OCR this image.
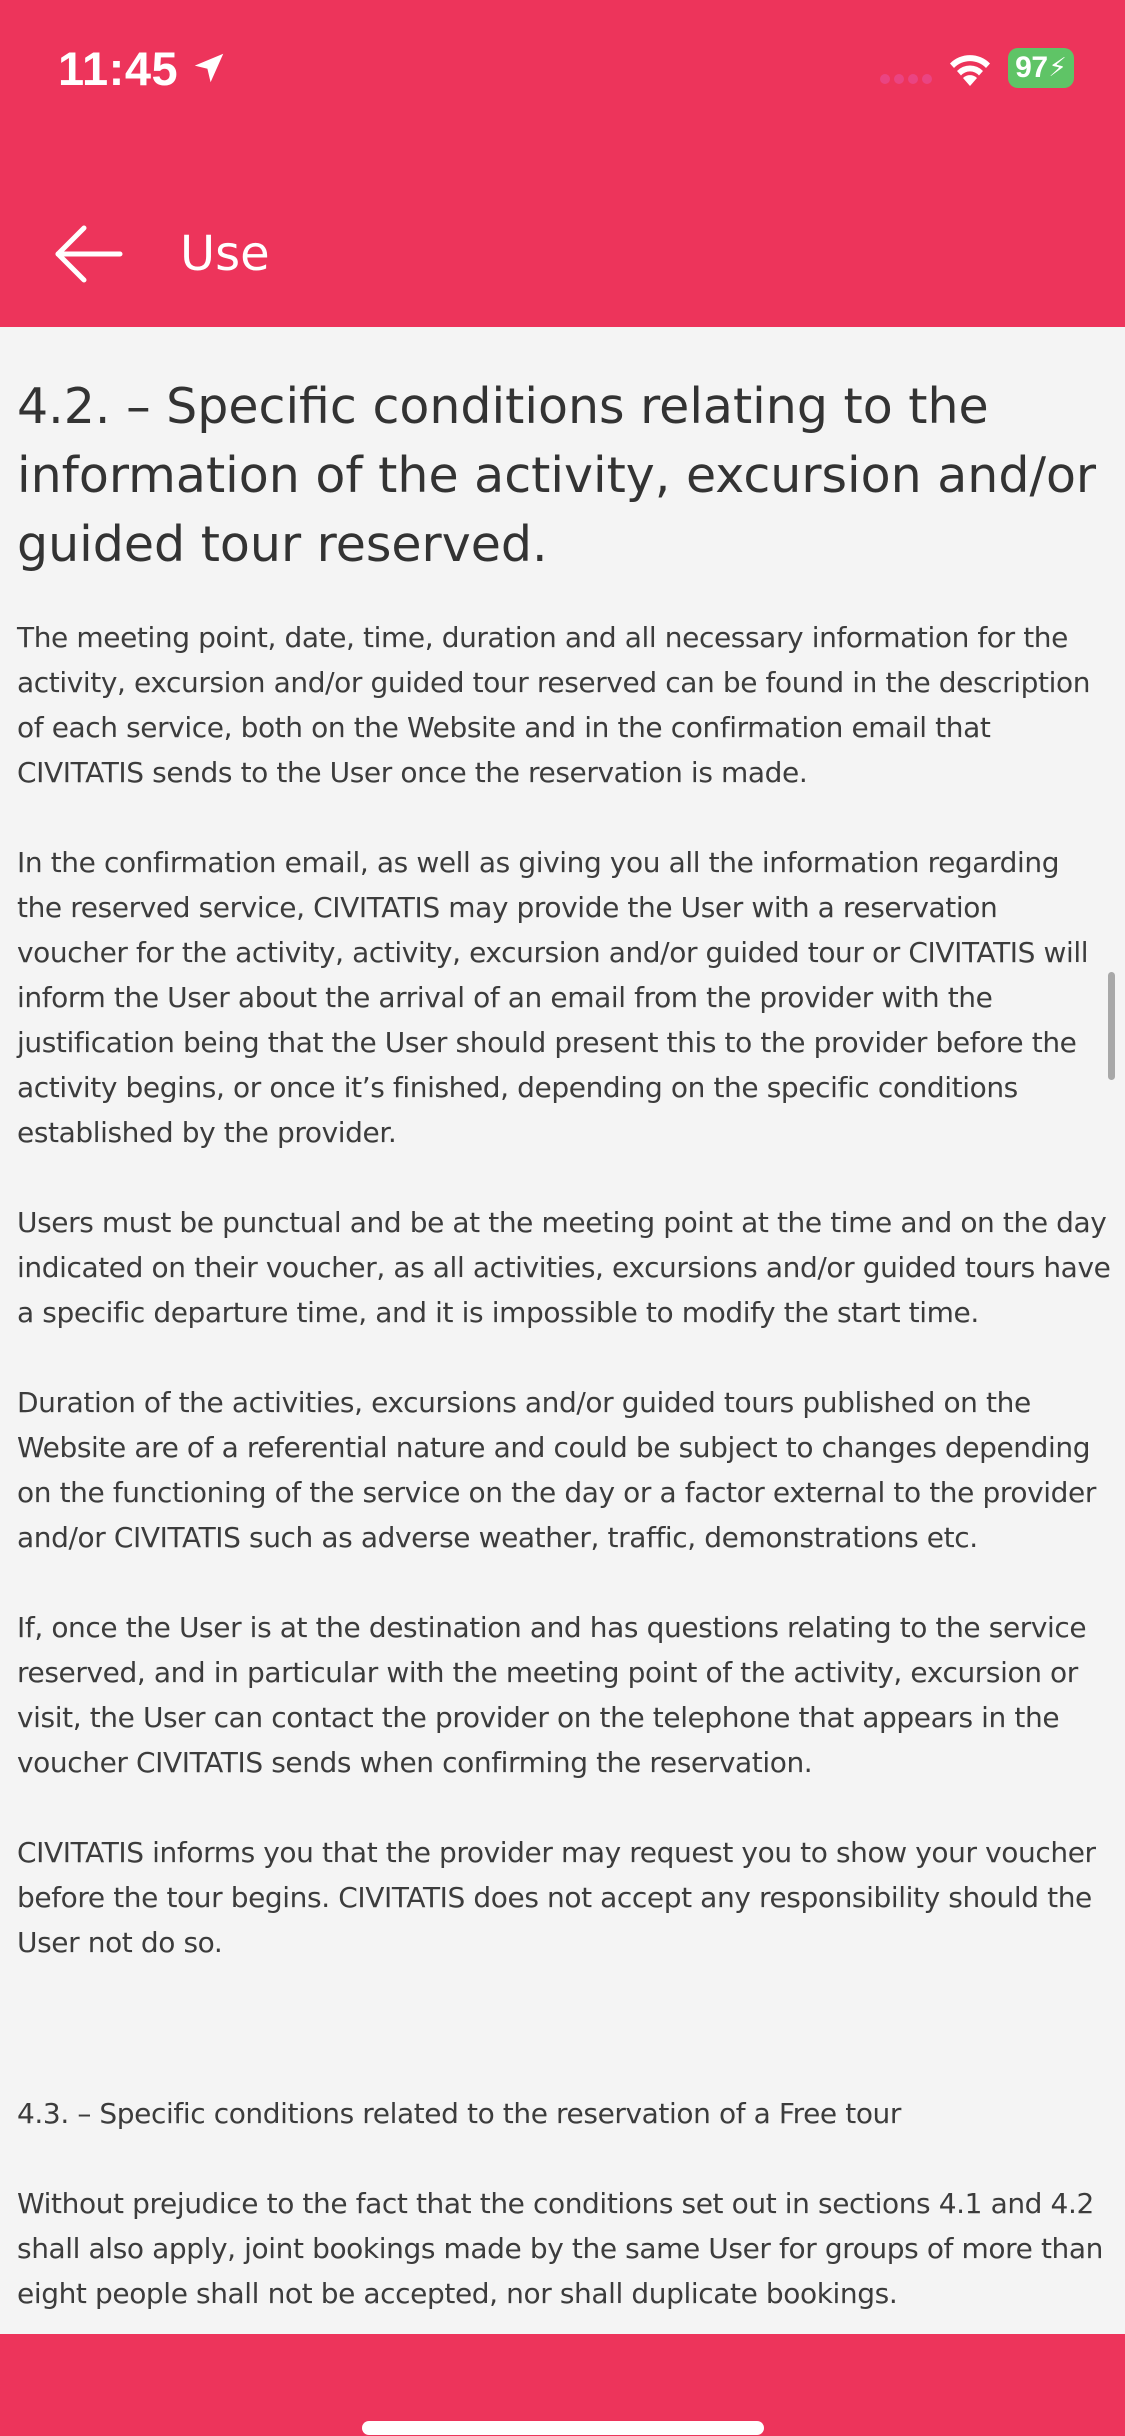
11:45	97 ⚡
Use
4.2. – Specific conditions relating to the information of the activity, excursion and/or guided tour reserved.

The meeting point, date, time, duration and all necessary information for the activity, excursion and/or guided tour reserved can be found in the description of each service, both on the Website and in the confirmation email that CIVITATIS sends to the User once the reservation is made.

In the confirmation email, as well as giving you all the information regarding the reserved service, CIVITATIS may provide the User with a reservation voucher for the activity, activity, excursion and/or guided tour or CIVITATIS will inform the User about the arrival of an email from the provider with the justification being that the User should present this to the provider before the activity begins, or once it’s finished, depending on the specific conditions established by the provider.

Users must be punctual and be at the meeting point at the time and on the day indicated on their voucher, as all activities, excursions and/or guided tours have a specific departure time, and it is impossible to modify the start time.

Duration of the activities, excursions and/or guided tours published on the Website are of a referential nature and could be subject to changes depending on the functioning of the service on the day or a factor external to the provider and/or CIVITATIS such as adverse weather, traffic, demonstrations etc.

If, once the User is at the destination and has questions relating to the service reserved, and in particular with the meeting point of the activity, excursion or visit, the User can contact the provider on the telephone that appears in the voucher CIVITATIS sends when confirming the reservation.

CIVITATIS informs you that the provider may request you to show your voucher before the tour begins. CIVITATIS does not accept any responsibility should the User not do so.

4.3. – Specific conditions related to the reservation of a Free tour

Without prejudice to the fact that the conditions set out in sections 4.1 and 4.2 shall also apply, joint bookings made by the same User for groups of more than eight people shall not be accepted, nor shall duplicate bookings.
